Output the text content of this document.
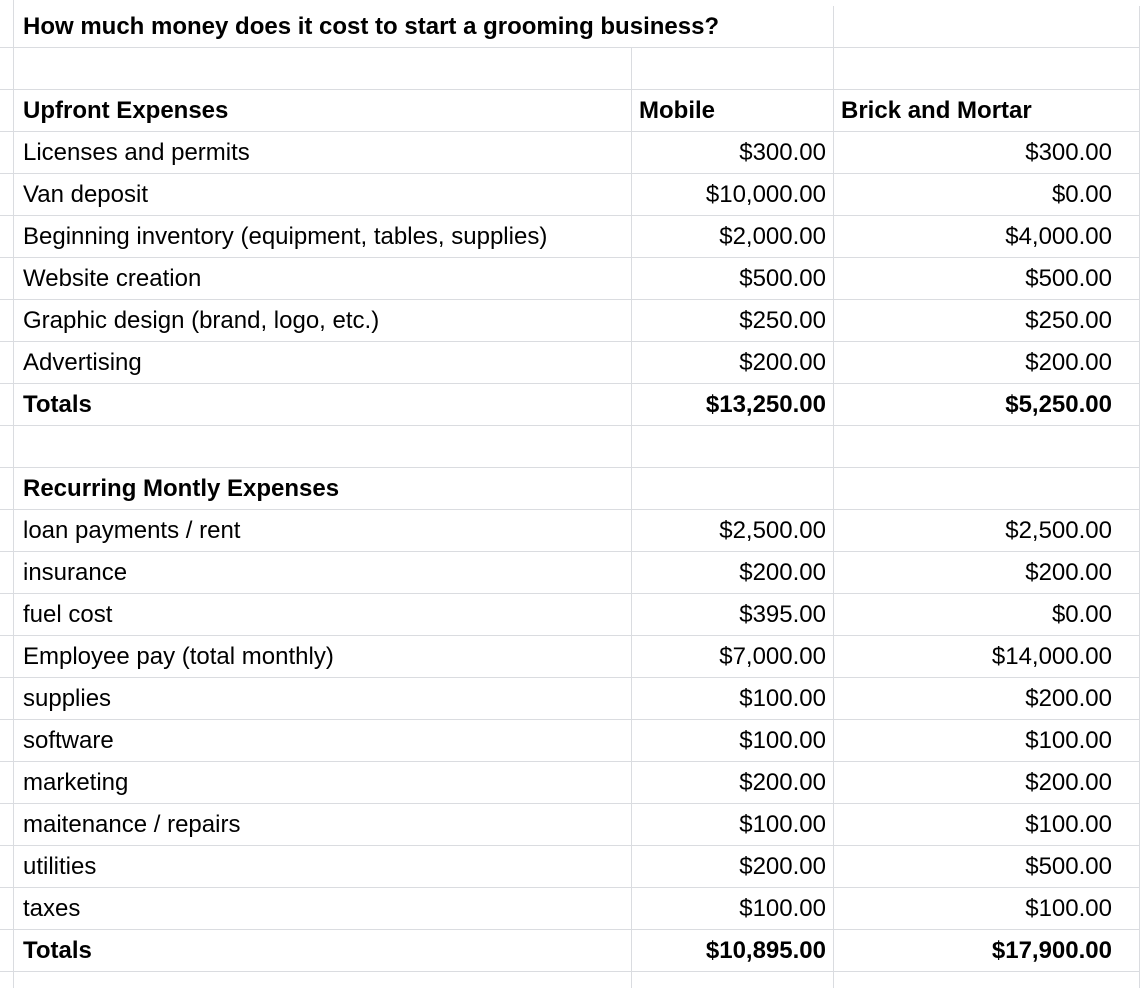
How much money does it cost to start a grooming business?
Upfront Expenses	Mobile	Brick and Mortar
Licenses and permits	$300.00	$300.00
Van deposit	$10,000.00	$0.00
Beginning inventory (equipment, tables, supplies)	$2,000.00	$4,000.00
Website creation	$500.00	$500.00
Graphic design (brand, logo, etc.)	$250.00	$250.00
Advertising	$200.00	$200.00
Totals	$13,250.00	$5,250.00
Recurring Montly Expenses
loan payments / rent	$2,500.00	$2,500.00
insurance	$200.00	$200.00
fuel cost	$395.00	$0.00
Employee pay (total monthly)	$7,000.00	$14,000.00
supplies	$100.00	$200.00
software	$100.00	$100.00
marketing	$200.00	$200.00
maitenance / repairs	$100.00	$100.00
utilities	$200.00	$500.00
taxes	$100.00	$100.00
Totals	$10,895.00	$17,900.00
